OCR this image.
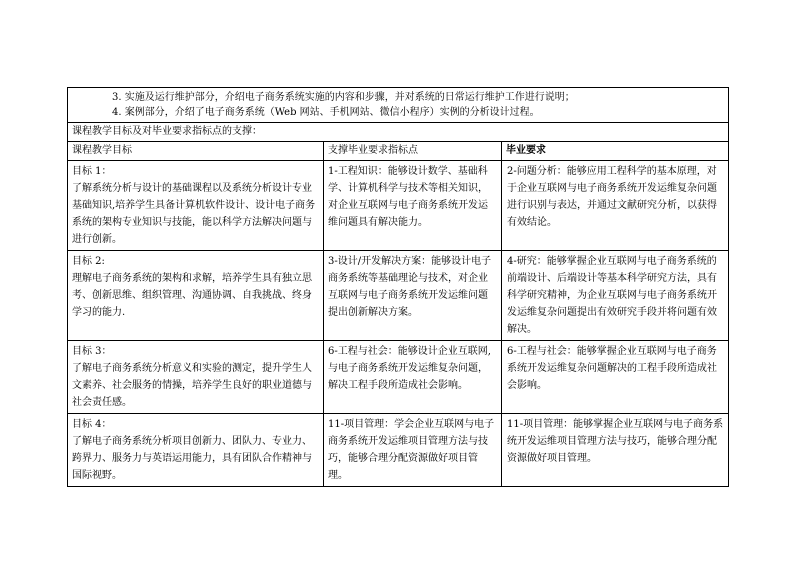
3. 实施及运行维护部分，介绍电子商务系统实施的内容和步骤，并对系统的日常运行维护工作进行说明；

4. 案例部分，介绍了电子商务系统（Web 网站、手机网站、微信小程序）实例的分析设计过程。		

课程教学目标及对毕业要求指标点的支撑：		
课程教学目标	支撑毕业要求指标点	毕业要求

目标 1：
了解系统分析与设计的基础课程以及系统分析设计专业基础知识,培养学生具备计算机软件设计、设计电子商务系统的架构专业知识与技能，能以科学方法解决问题与进行创新。	1-工程知识：能够设计数学、基础科学、计算机科学与技术等相关知识，对企业互联网与电子商务系统开发运维问题具有解决能力。	2-问题分析：能够应用工程科学的基本原理，对于企业互联网与电子商务系统开发运维复杂问题进行识别与表达，并通过文献研究分析，以获得有效结论。

目标 2:
理解电子商务系统的架构和求解，培养学生具有独立思考、创新思维、组织管理、沟通协调、自我挑战、终身学习的能力.	3-设计/开发解决方案：能够设计电子商务系统等基础理论与技术，对企业互联网与电子商务系统开发运维问题提出创新解决方案。	4-研究：能够掌握企业互联网与电子商务系统的前端设计、后端设计等基本科学研究方法，具有科学研究精神，为企业互联网与电子商务系统开发运维复杂问题提出有效研究手段并将问题有效解决。

目标 3：
了解电子商务系统分析意义和实验的测定，提升学生人文素养、社会服务的情操，培养学生良好的职业道德与社会责任感。	6-工程与社会：能够设计企业互联网,与电子商务系统开发运维复杂问题，解决工程手段所造成社会影响。	6-工程与社会：能够掌握企业互联网与电子商务系统开发运维复杂问题解决的工程手段所造成社会影响。

目标 4：
了解电子商务系统分析项目创新力、团队力、专业力、跨界力、服务力与英语运用能力，具有团队合作精神与国际视野。	11-项目管理：学会企业互联网与电子商务系统开发运维项目管理方法与技巧，能够合理分配资源做好项目管理。	11-项目管理：能够掌握企业互联网与电子商务系统开发运维项目管理方法与技巧，能够合理分配资源做好项目管理。
